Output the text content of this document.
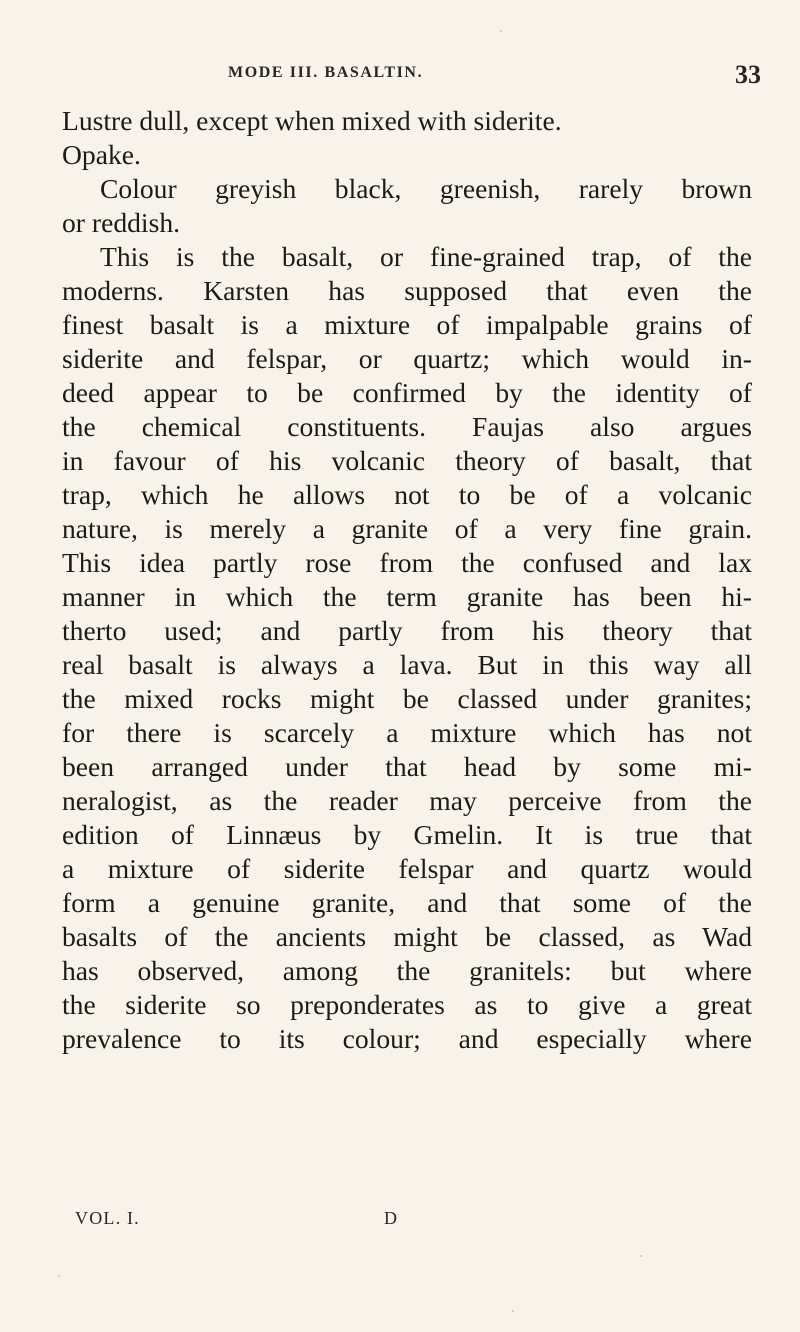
MODE III. BASALTIN.	33
Lustre dull, except when mixed with siderite.
Opake.
Colour greyish black, greenish, rarely brown
or reddish.
This is the basalt, or fine-grained trap, of the
moderns. Karsten has supposed that even the
finest basalt is a mixture of impalpable grains of
siderite and felspar, or quartz; which would in-
deed appear to be confirmed by the identity of
the chemical constituents. Faujas also argues
in favour of his volcanic theory of basalt, that
trap, which he allows not to be of a volcanic
nature, is merely a granite of a very fine grain.
This idea partly rose from the confused and lax
manner in which the term granite has been hi-
therto used; and partly from his theory that
real basalt is always a lava. But in this way all
the mixed rocks might be classed under granites;
for there is scarcely a mixture which has not
been arranged under that head by some mi-
neralogist, as the reader may perceive from the
edition of Linnæus by Gmelin. It is true that
a mixture of siderite felspar and quartz would
form a genuine granite, and that some of the
basalts of the ancients might be classed, as Wad
has observed, among the granitels: but where
the siderite so preponderates as to give a great
prevalence to its colour; and especially where
VOL. I.	D
